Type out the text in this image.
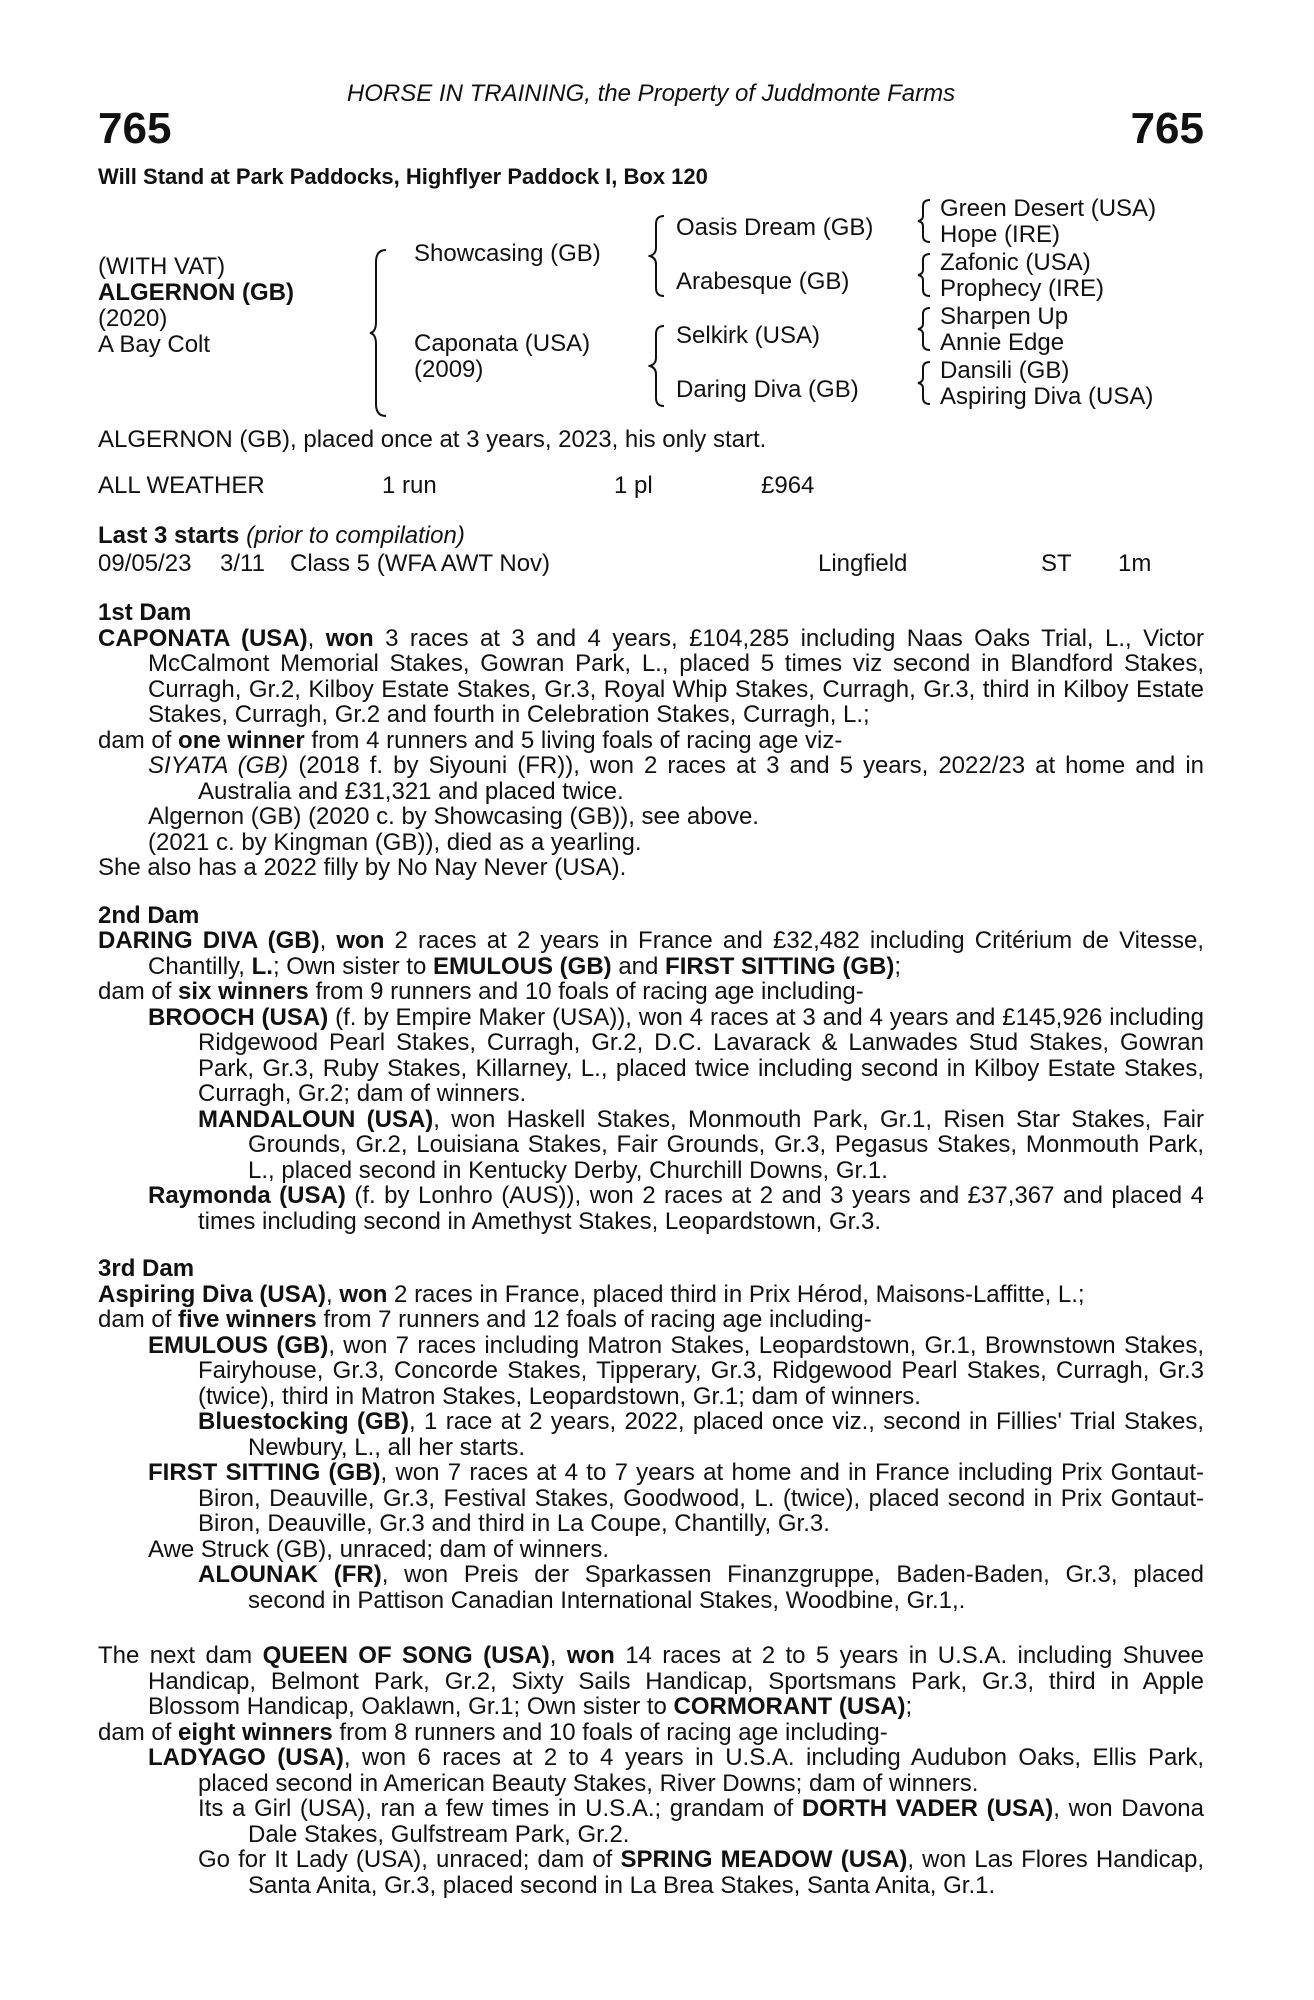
HORSE IN TRAINING, the Property of Juddmonte Farms
765	765
Will Stand at Park Paddocks, Highflyer Paddock I, Box 120
(WITH VAT)
ALGERNON (GB)
(2020)
A Bay Colt
Showcasing (GB)
Caponata (USA)
(2009)
Oasis Dream (GB)
Arabesque (GB)
Selkirk (USA)
Daring Diva (GB)
Green Desert (USA)
Hope (IRE)
Zafonic (USA)
Prophecy (IRE)
Sharpen Up
Annie Edge
Dansili (GB)
Aspiring Diva (USA)
ALGERNON (GB), placed once at 3 years, 2023, his only start.
ALL WEATHER	1 run	1 pl	£964
Last 3 starts (prior to compilation)
09/05/23 3/11 Class 5 (WFA AWT Nov)	Lingfield	ST 1m
1st Dam
CAPONATA (USA), won 3 races at 3 and 4 years, £104,285 including Naas Oaks Trial, L., Victor McCalmont Memorial Stakes, Gowran Park, L., placed 5 times viz second in Blandford Stakes, Curragh, Gr.2, Kilboy Estate Stakes, Gr.3, Royal Whip Stakes, Curragh, Gr.3, third in Kilboy Estate Stakes, Curragh, Gr.2 and fourth in Celebration Stakes, Curragh, L.;
dam of one winner from 4 runners and 5 living foals of racing age viz-
SIYATA (GB) (2018 f. by Siyouni (FR)), won 2 races at 3 and 5 years, 2022/23 at home and in Australia and £31,321 and placed twice.
Algernon (GB) (2020 c. by Showcasing (GB)), see above.
(2021 c. by Kingman (GB)), died as a yearling.
She also has a 2022 filly by No Nay Never (USA).
2nd Dam
DARING DIVA (GB), won 2 races at 2 years in France and £32,482 including Critérium de Vitesse, Chantilly, L.; Own sister to EMULOUS (GB) and FIRST SITTING (GB);
dam of six winners from 9 runners and 10 foals of racing age including-
BROOCH (USA) (f. by Empire Maker (USA)), won 4 races at 3 and 4 years and £145,926 including Ridgewood Pearl Stakes, Curragh, Gr.2, D.C. Lavarack & Lanwades Stud Stakes, Gowran Park, Gr.3, Ruby Stakes, Killarney, L., placed twice including second in Kilboy Estate Stakes, Curragh, Gr.2; dam of winners.
MANDALOUN (USA), won Haskell Stakes, Monmouth Park, Gr.1, Risen Star Stakes, Fair Grounds, Gr.2, Louisiana Stakes, Fair Grounds, Gr.3, Pegasus Stakes, Monmouth Park, L., placed second in Kentucky Derby, Churchill Downs, Gr.1.
Raymonda (USA) (f. by Lonhro (AUS)), won 2 races at 2 and 3 years and £37,367 and placed 4 times including second in Amethyst Stakes, Leopardstown, Gr.3.
3rd Dam
Aspiring Diva (USA), won 2 races in France, placed third in Prix Hérod, Maisons-Laffitte, L.;
dam of five winners from 7 runners and 12 foals of racing age including-
EMULOUS (GB), won 7 races including Matron Stakes, Leopardstown, Gr.1, Brownstown Stakes, Fairyhouse, Gr.3, Concorde Stakes, Tipperary, Gr.3, Ridgewood Pearl Stakes, Curragh, Gr.3 (twice), third in Matron Stakes, Leopardstown, Gr.1; dam of winners.
Bluestocking (GB), 1 race at 2 years, 2022, placed once viz., second in Fillies' Trial Stakes, Newbury, L., all her starts.
FIRST SITTING (GB), won 7 races at 4 to 7 years at home and in France including Prix Gontaut-Biron, Deauville, Gr.3, Festival Stakes, Goodwood, L. (twice), placed second in Prix Gontaut-Biron, Deauville, Gr.3 and third in La Coupe, Chantilly, Gr.3.
Awe Struck (GB), unraced; dam of winners.
ALOUNAK (FR), won Preis der Sparkassen Finanzgruppe, Baden-Baden, Gr.3, placed second in Pattison Canadian International Stakes, Woodbine, Gr.1,.
The next dam QUEEN OF SONG (USA), won 14 races at 2 to 5 years in U.S.A. including Shuvee Handicap, Belmont Park, Gr.2, Sixty Sails Handicap, Sportsmans Park, Gr.3, third in Apple Blossom Handicap, Oaklawn, Gr.1; Own sister to CORMORANT (USA);
dam of eight winners from 8 runners and 10 foals of racing age including-
LADYAGO (USA), won 6 races at 2 to 4 years in U.S.A. including Audubon Oaks, Ellis Park, placed second in American Beauty Stakes, River Downs; dam of winners.
Its a Girl (USA), ran a few times in U.S.A.; grandam of DORTH VADER (USA), won Davona Dale Stakes, Gulfstream Park, Gr.2.
Go for It Lady (USA), unraced; dam of SPRING MEADOW (USA), won Las Flores Handicap, Santa Anita, Gr.3, placed second in La Brea Stakes, Santa Anita, Gr.1.
